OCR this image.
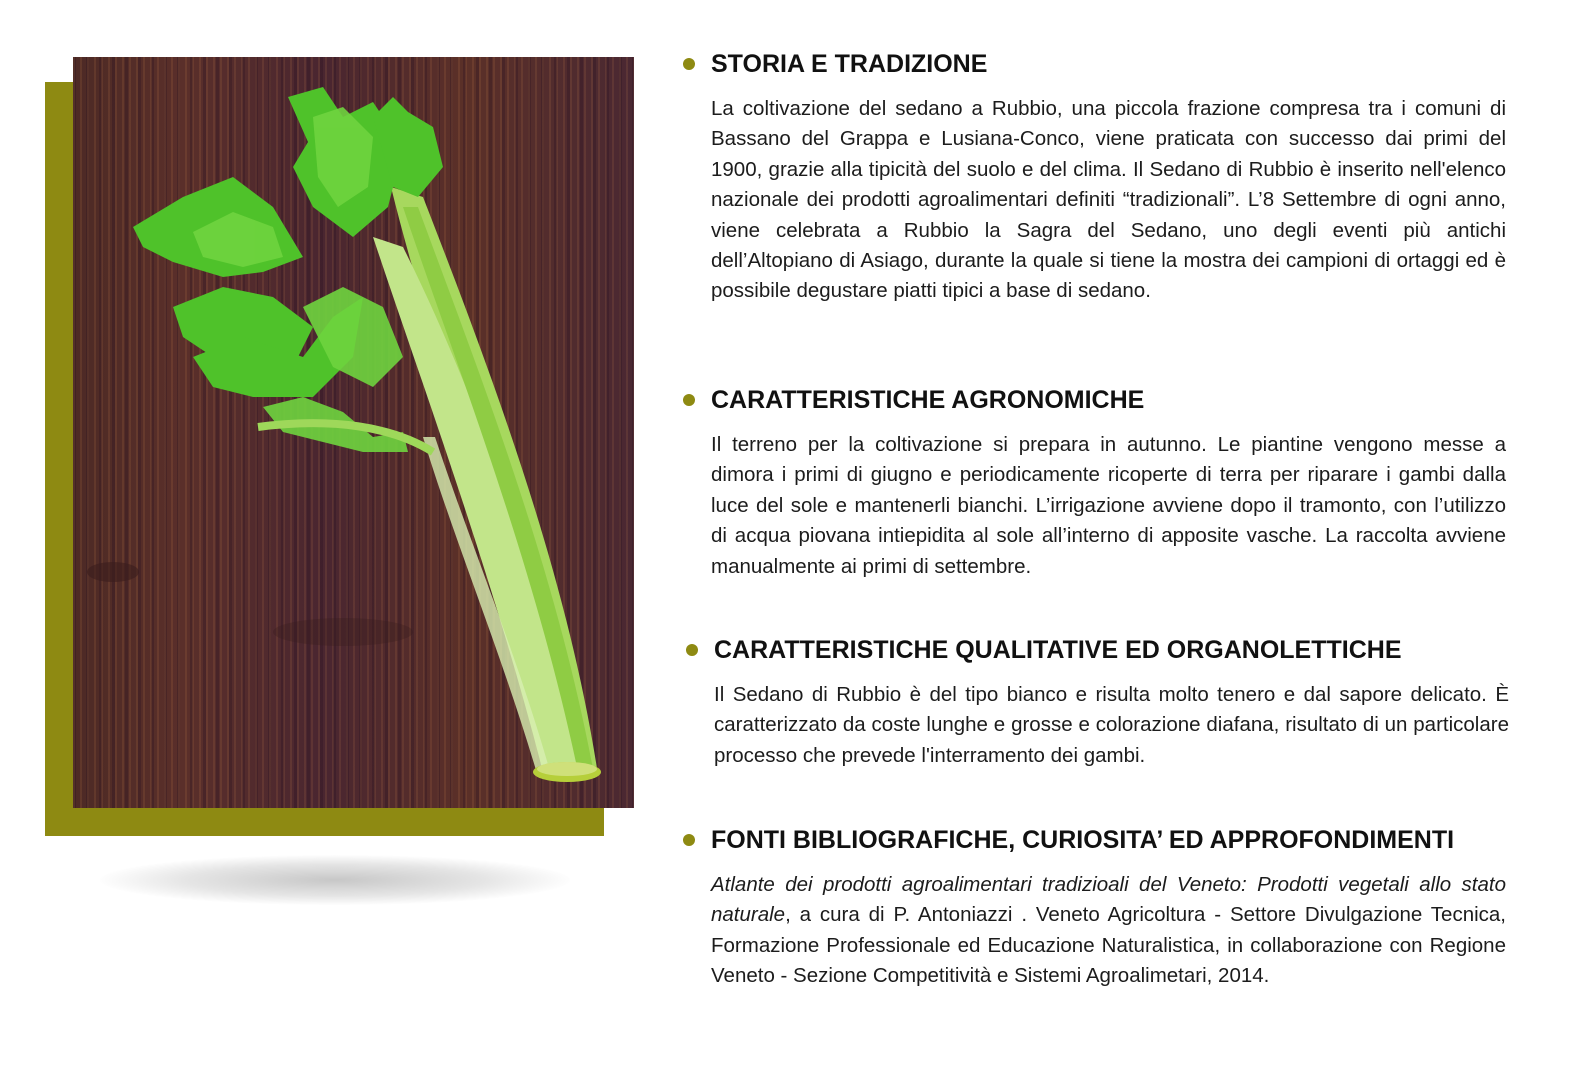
STORIA E TRADIZIONE

La coltivazione del sedano a Rubbio, una piccola frazione compresa tra i comuni di Bassano del Grappa e Lusiana-Conco, viene praticata con successo dai primi del 1900, grazie alla tipicità del suolo e del clima. Il Sedano di Rubbio è inserito nell'elenco nazionale dei prodotti agroalimentari definiti “tradizionali”. L’8 Settembre di ogni anno, viene celebrata a Rubbio la Sagra del Sedano, uno degli eventi più antichi dell’Altopiano di Asiago, durante la quale si tiene la mostra dei campioni di ortaggi ed è possibile degustare piatti tipici a base di sedano.

CARATTERISTICHE AGRONOMICHE

Il terreno per la coltivazione si prepara in autunno. Le piantine vengono messe a dimora i primi di giugno e periodicamente ricoperte di terra per riparare i gambi dalla luce del sole e mantenerli bianchi. L’irrigazione avviene dopo il tramonto, con l’utilizzo di acqua piovana intiepidita al sole all’interno di apposite vasche. La raccolta avviene manualmente ai primi di settembre.

CARATTERISTICHE QUALITATIVE ED ORGANOLETTICHE

Il Sedano di Rubbio è del tipo bianco e risulta molto tenero e dal sapore delicato. È caratterizzato da coste lunghe e grosse e colorazione diafana, risultato di un particolare processo che prevede l'interramento dei gambi.

FONTI BIBLIOGRAFICHE, CURIOSITA’ ED APPROFONDIMENTI

Atlante dei prodotti agroalimentari tradizioali del Veneto: Prodotti vegetali allo stato naturale, a cura di P. Antoniazzi . Veneto Agricoltura - Settore Divulgazione Tecnica, Formazione Professionale ed Educazione Naturalistica, in collaborazione con Regione Veneto - Sezione Competitività e Sistemi Agroalimetari, 2014.
